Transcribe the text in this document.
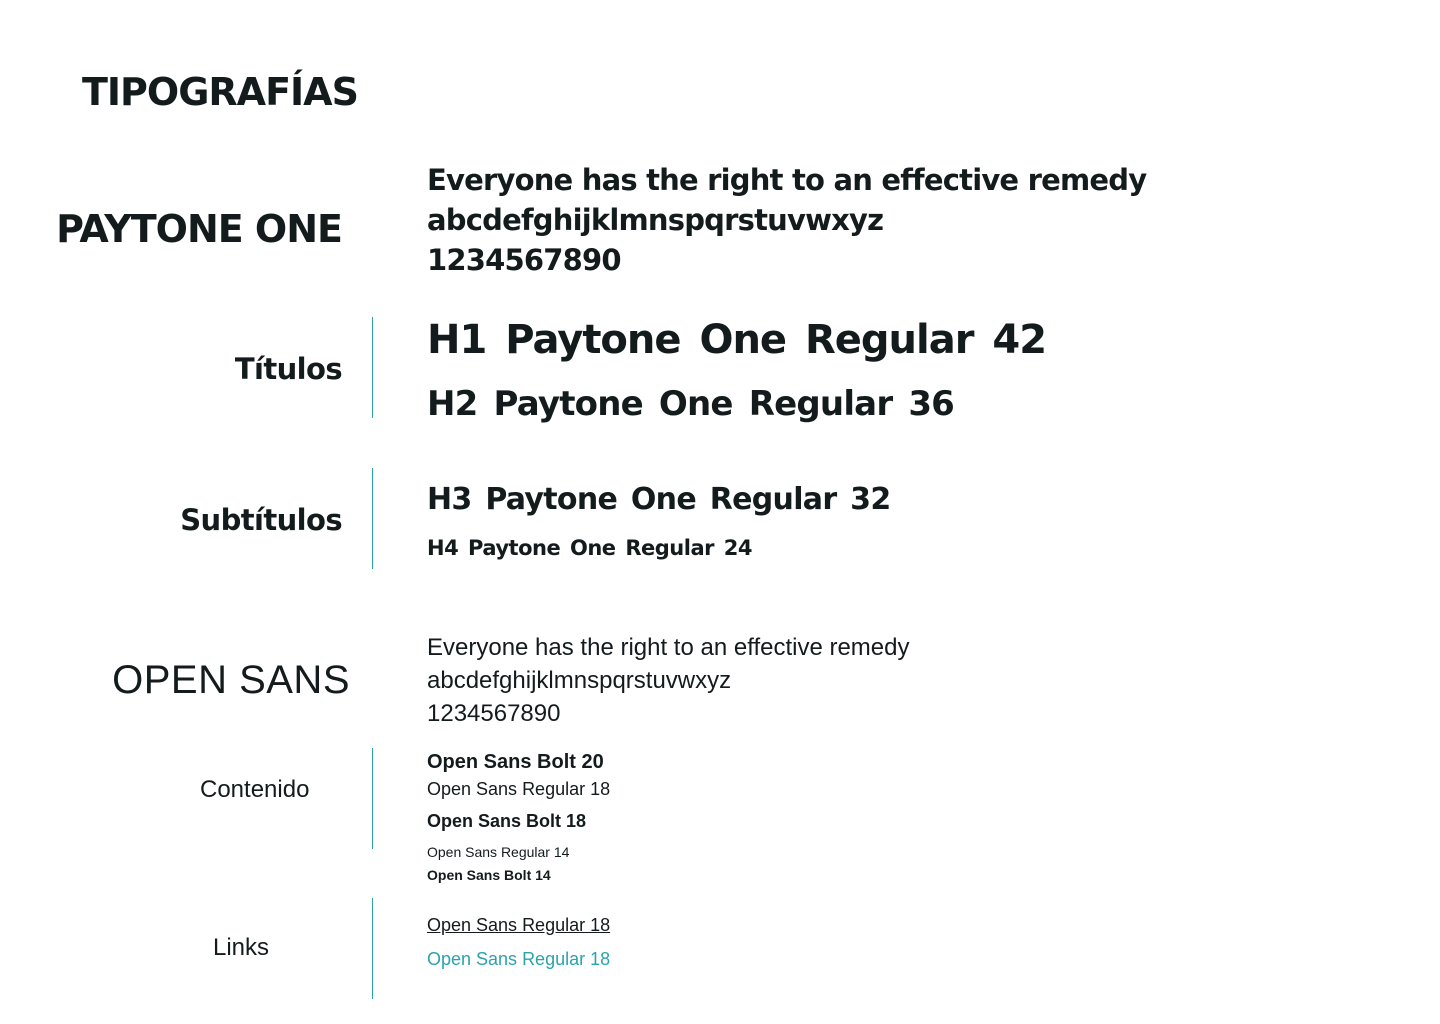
TIPOGRAFÍAS
PAYTONE ONE
Everyone has the right to an effective remedy
abcdefghijklmnspqrstuvwxyz
1234567890
Títulos
H1 Paytone One Regular 42
H2 Paytone One Regular 36
Subtítulos
H3 Paytone One Regular 32
H4 Paytone One Regular 24
OPEN SANS
Everyone has the right to an effective remedy
abcdefghijklmnspqrstuvwxyz
1234567890
Contenido
Open Sans Bolt 20
Open Sans Regular 18
Open Sans Bolt 18
Open Sans Regular 14
Open Sans Bolt 14
Links
Open Sans Regular 18
Open Sans Regular 18
